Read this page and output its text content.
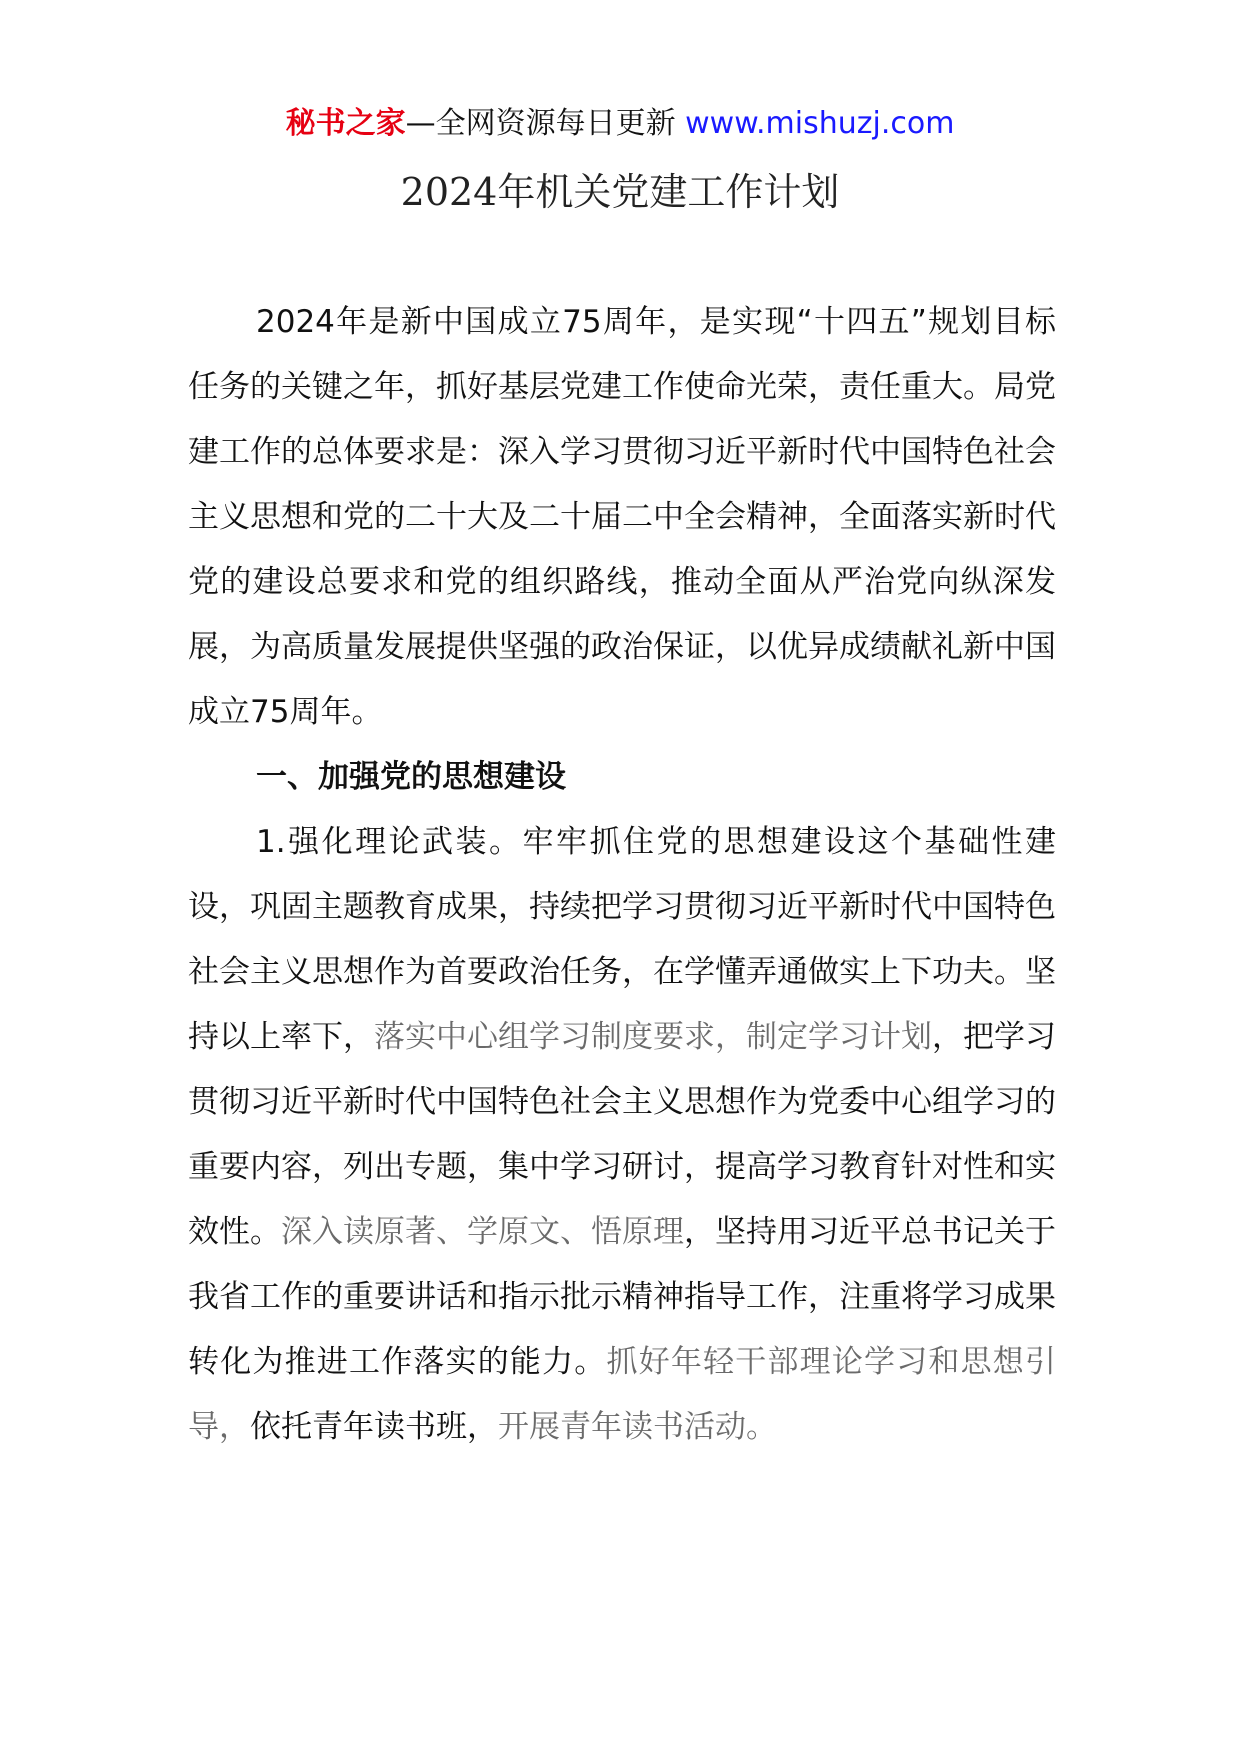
秘书之家—全网资源每日更新 www.mishuzj.com
2024年机关党建工作计划

2024年是新中国成立75周年，是实现“十四五”规划目标任务的关键之年，抓好基层党建工作使命光荣，责任重大。局党建工作的总体要求是：深入学习贯彻习近平新时代中国特色社会主义思想和党的二十大及二十届二中全会精神，全面落实新时代党的建设总要求和党的组织路线，推动全面从严治党向纵深发展，为高质量发展提供坚强的政治保证，以优异成绩献礼新中国成立75周年。

一、加强党的思想建设

1.强化理论武装。牢牢抓住党的思想建设这个基础性建设，巩固主题教育成果，持续把学习贯彻习近平新时代中国特色社会主义思想作为首要政治任务，在学懂弄通做实上下功夫。坚持以上率下，落实中心组学习制度要求，制定学习计划，把学习贯彻习近平新时代中国特色社会主义思想作为党委中心组学习的重要内容，列出专题，集中学习研讨，提高学习教育针对性和实效性。深入读原著、学原文、悟原理，坚持用习近平总书记关于我省工作的重要讲话和指示批示精神指导工作，注重将学习成果转化为推进工作落实的能力。抓好年轻干部理论学习和思想引导，依托青年读书班，开展青年读书活动。
